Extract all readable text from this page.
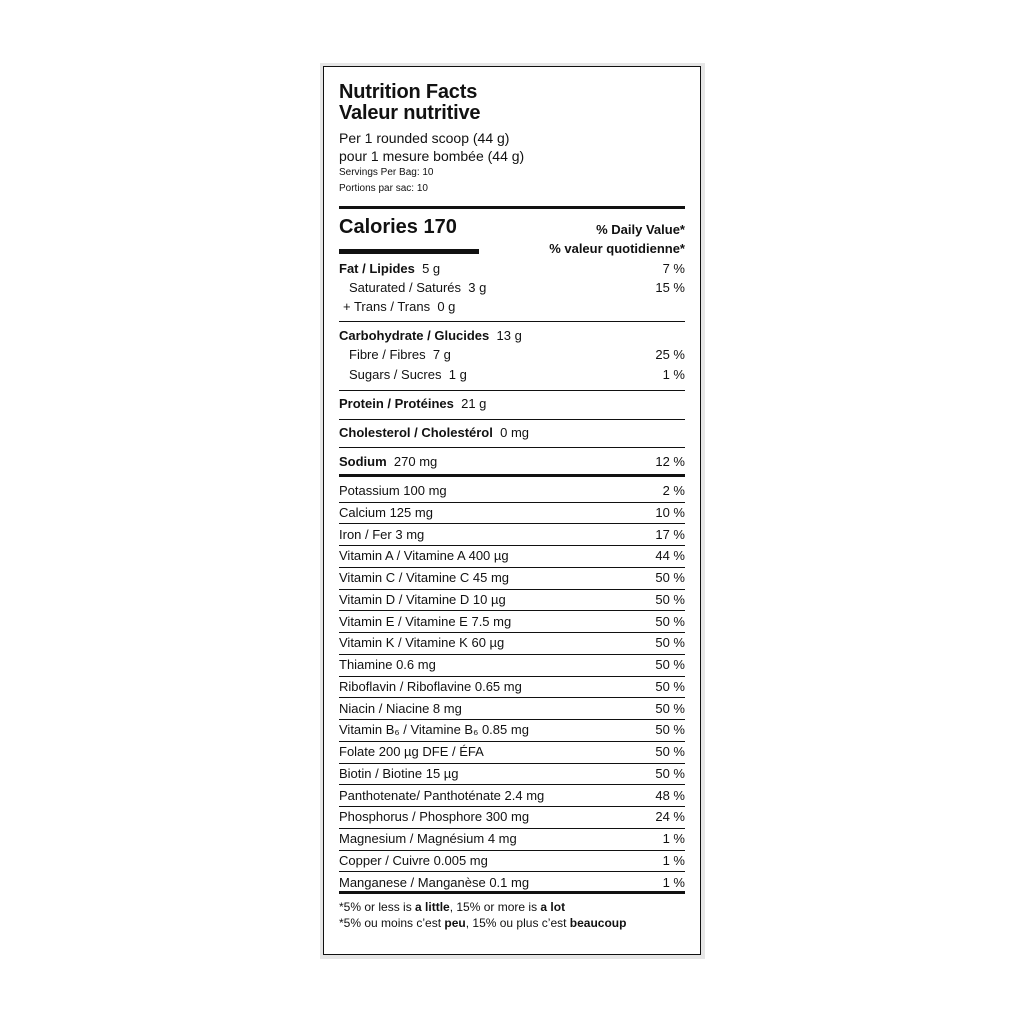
Nutrition Facts
Valeur nutritive
Per 1 rounded scoop (44 g)
pour 1 mesure bombée (44 g)
Servings Per Bag: 10
Portions par sac: 10
Calories 170	% Daily Value*
% valeur quotidienne*
Fat / Lipides 5 g	7 %
Saturated / Saturés 3 g	15 %
+ Trans / Trans 0 g
Carbohydrate / Glucides 13 g
Fibre / Fibres 7 g	25 %
Sugars / Sucres 1 g	1 %
Protein / Protéines 21 g
Cholesterol / Cholestérol 0 mg
Sodium 270 mg	12 %
Potassium 100 mg	2 %
Calcium 125 mg	10 %
Iron / Fer 3 mg	17 %
Vitamin A / Vitamine A 400 µg	44 %
Vitamin C / Vitamine C 45 mg	50 %
Vitamin D / Vitamine D 10 µg	50 %
Vitamin E / Vitamine E 7.5 mg	50 %
Vitamin K / Vitamine K 60 µg	50 %
Thiamine 0.6 mg	50 %
Riboflavin / Riboflavine 0.65 mg	50 %
Niacin / Niacine 8 mg	50 %
Vitamin B₆ / Vitamine B₆ 0.85 mg	50 %
Folate 200 µg DFE / ÉFA	50 %
Biotin / Biotine 15 µg	50 %
Panthotenate/ Panthoténate 2.4 mg	48 %
Phosphorus / Phosphore 300 mg	24 %
Magnesium / Magnésium 4 mg	1 %
Copper / Cuivre 0.005 mg	1 %
Manganese / Manganèse 0.1 mg	1 %
*5% or less is a little, 15% or more is a lot
*5% ou moins c’est peu, 15% ou plus c’est beaucoup
